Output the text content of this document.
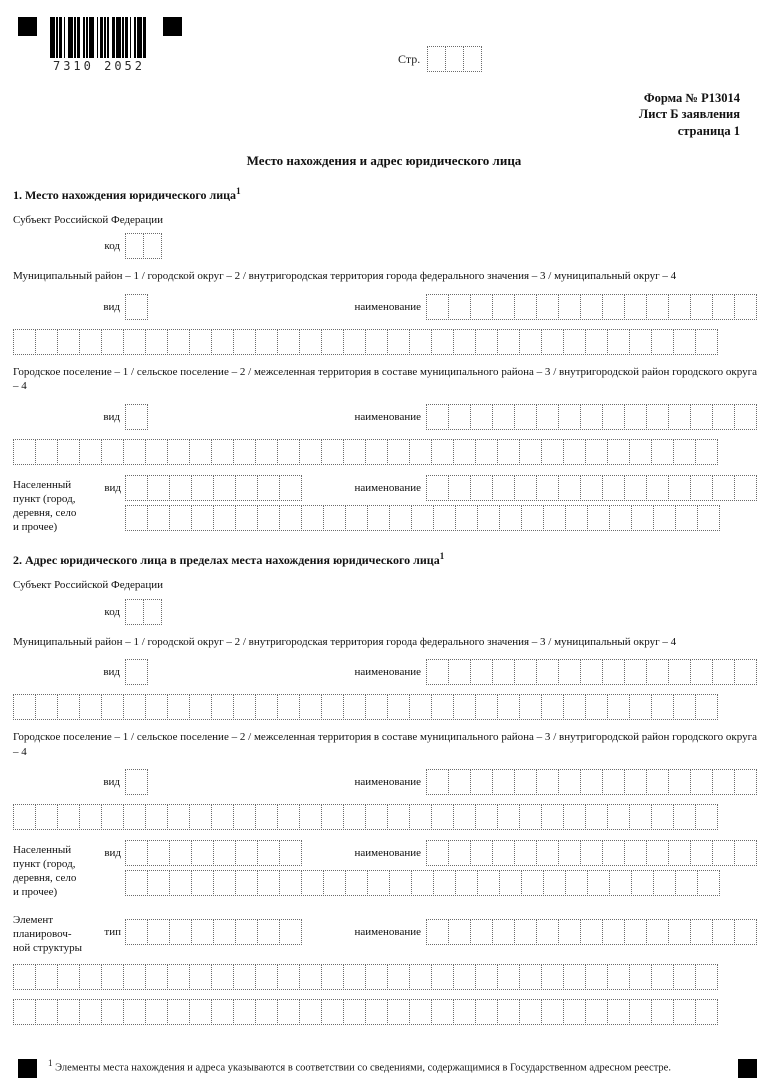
7310 2052
Стр.
Форма № Р13014
Лист Б заявления
страница 1
Место нахождения и адрес юридического лица
1. Место нахождения юридического лица$^1$
Субъект Российской Федерации
код
Муниципальный район – 1 / городской округ – 2 / внутригородская территория города федерального значения – 3 / муниципальный округ – 4
вид	наименование
Городское поселение – 1 / сельское поселение – 2 / межселенная территория в составе муниципального района – 3 / внутригородской район городского округа – 4
вид	наименование
Населенный
пункт (город,
деревня, село
и прочее)
вид	наименование
2. Адрес юридического лица в пределах места нахождения юридического лица$^1$
Субъект Российской Федерации
код
Муниципальный район – 1 / городской округ – 2 / внутригородская территория города федерального значения – 3 / муниципальный округ – 4
вид	наименование
Городское поселение – 1 / сельское поселение – 2 / межселенная территория в составе муниципального района – 3 / внутригородской район городского округа – 4
вид	наименование
Населенный
пункт (город,
деревня, село
и прочее)
вид	наименование
Элемент
планировоч-
ной структуры
тип	наименование
$^1$ Элементы места нахождения и адреса указываются в соответствии со сведениями, содержащимися в Государственном адресном реестре.
